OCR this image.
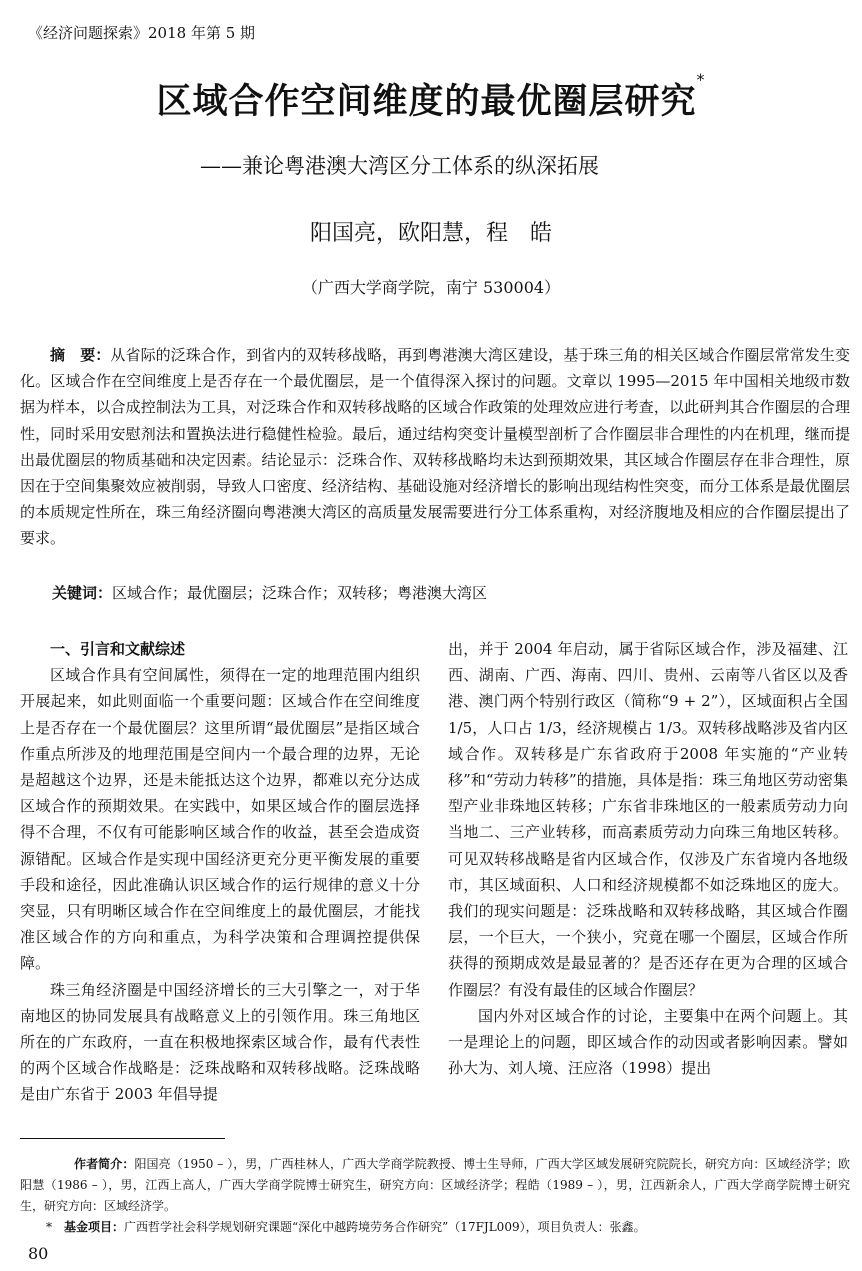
《经济问题探索》2018 年第 5 期
区域合作空间维度的最优圈层研究*
——兼论粤港澳大湾区分工体系的纵深拓展
阳国亮，欧阳慧，程　皓
（广西大学商学院，南宁 530004）

摘　要：从省际的泛珠合作，到省内的双转移战略，再到粤港澳大湾区建设，基于珠三角的相关区域合作圈层常常发生变化。区域合作在空间维度上是否存在一个最优圈层，是一个值得深入探讨的问题。文章以 1995—2015 年中国相关地级市数据为样本，以合成控制法为工具，对泛珠合作和双转移战略的区域合作政策的处理效应进行考查，以此研判其合作圈层的合理性，同时采用安慰剂法和置换法进行稳健性检验。最后，通过结构突变计量模型剖析了合作圈层非合理性的内在机理，继而提出最优圈层的物质基础和决定因素。结论显示：泛珠合作、双转移战略均未达到预期效果，其区域合作圈层存在非合理性，原因在于空间集聚效应被削弱，导致人口密度、经济结构、基础设施对经济增长的影响出现结构性突变，而分工体系是最优圈层的本质规定性所在，珠三角经济圈向粤港澳大湾区的高质量发展需要进行分工体系重构，对经济腹地及相应的合作圈层提出了要求。

关键词：区域合作；最优圈层；泛珠合作；双转移；粤港澳大湾区

一、引言和文献综述

区域合作具有空间属性，须得在一定的地理范围内组织开展起来，如此则面临一个重要问题：区域合作在空间维度上是否存在一个最优圈层？这里所谓“最优圈层”是指区域合作重点所涉及的地理范围是空间内一个最合理的边界，无论是超越这个边界，还是未能抵达这个边界，都难以充分达成区域合作的预期效果。在实践中，如果区域合作的圈层选择得不合理，不仅有可能影响区域合作的收益，甚至会造成资源错配。区域合作是实现中国经济更充分更平衡发展的重要手段和途径，因此准确认识区域合作的运行规律的意义十分突显，只有明晰区域合作在空间维度上的最优圈层，才能找准区域合作的方向和重点，为科学决策和合理调控提供保障。

珠三角经济圈是中国经济增长的三大引擎之一，对于华南地区的协同发展具有战略意义上的引领作用。珠三角地区所在的广东政府，一直在积极地探索区域合作，最有代表性的两个区域合作战略是：泛珠战略和双转移战略。泛珠战略是由广东省于 2003 年倡导提

出，并于 2004 年启动，属于省际区域合作，涉及福建、江西、湖南、广西、海南、四川、贵州、云南等八省区以及香港、澳门两个特别行政区（简称“9 + 2”），区域面积占全国 1/5，人口占 1/3，经济规模占 1/3。双转移战略涉及省内区域合作。双转移是广东省政府于2008 年实施的“产业转移”和“劳动力转移”的措施，具体是指：珠三角地区劳动密集型产业非珠地区转移；广东省非珠地区的一般素质劳动力向当地二、三产业转移，而高素质劳动力向珠三角地区转移。可见双转移战略是省内区域合作，仅涉及广东省境内各地级市，其区域面积、人口和经济规模都不如泛珠地区的庞大。我们的现实问题是：泛珠战略和双转移战略，其区域合作圈层，一个巨大，一个狭小，究竟在哪一个圈层，区域合作所获得的预期成效是最显著的？是否还存在更为合理的区域合作圈层？有没有最佳的区域合作圈层？

国内外对区域合作的讨论，主要集中在两个问题上。其一是理论上的问题，即区域合作的动因或者影响因素。譬如孙大为、刘人境、汪应洛（1998）提出

作者简介：阳国亮（1950 – ），男，广西桂林人，广西大学商学院教授、博士生导师，广西大学区域发展研究院院长，研究方向：区域经济学；欧阳慧（1986 – ），男，江西上高人，广西大学商学院博士研究生，研究方向：区域经济学；程皓（1989 – ），男，江西新余人，广西大学商学院博士研究生，研究方向：区域经济学。

*　 基金项目：广西哲学社会科学规划研究课题“深化中越跨境劳务合作研究”（17FJL009），项目负责人：张鑫。

80
